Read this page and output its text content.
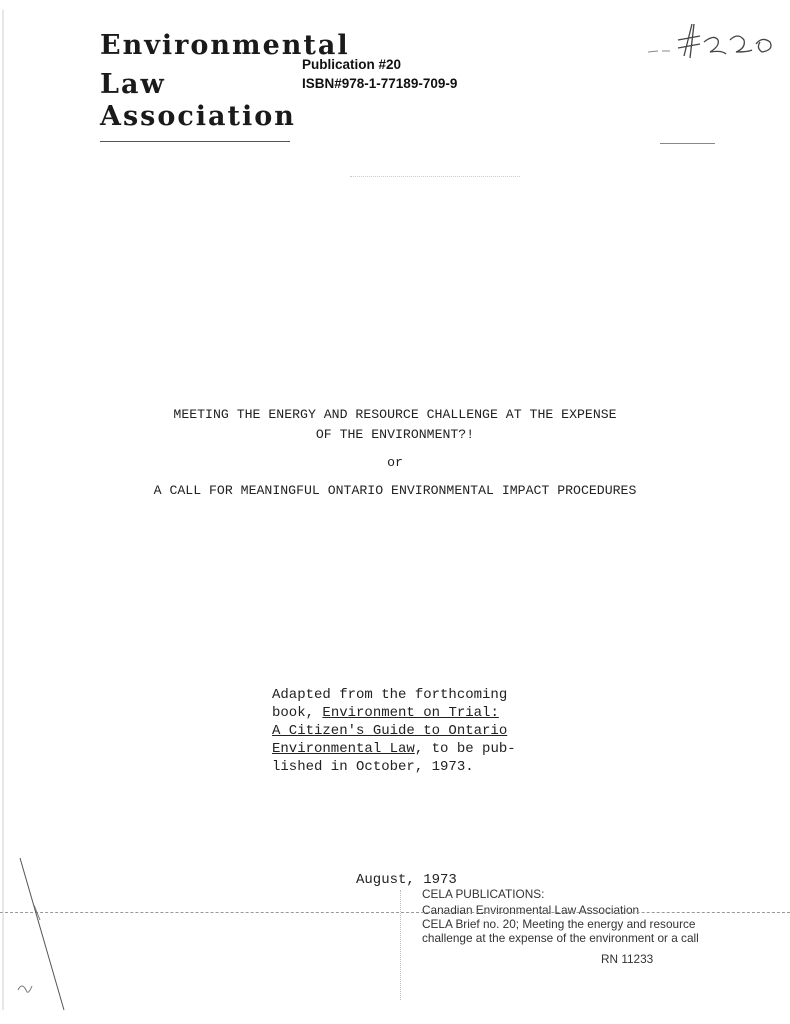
Environmental
Law
Association
Publication #20
ISBN#978-1-77189-709-9
MEETING THE ENERGY AND RESOURCE CHALLENGE AT THE EXPENSE
OF THE ENVIRONMENT?!
or
A CALL FOR MEANINGFUL ONTARIO ENVIRONMENTAL IMPACT PROCEDURES
Adapted from the forthcoming
book, Environment on Trial:
A Citizen's Guide to Ontario
Environmental Law, to be pub-
lished in October, 1973.
August, 1973
CELA PUBLICATIONS:
Canadian Environmental Law Association
CELA Brief no. 20; Meeting the energy and resource
challenge at the expense of the environment or a call
RN 11233
